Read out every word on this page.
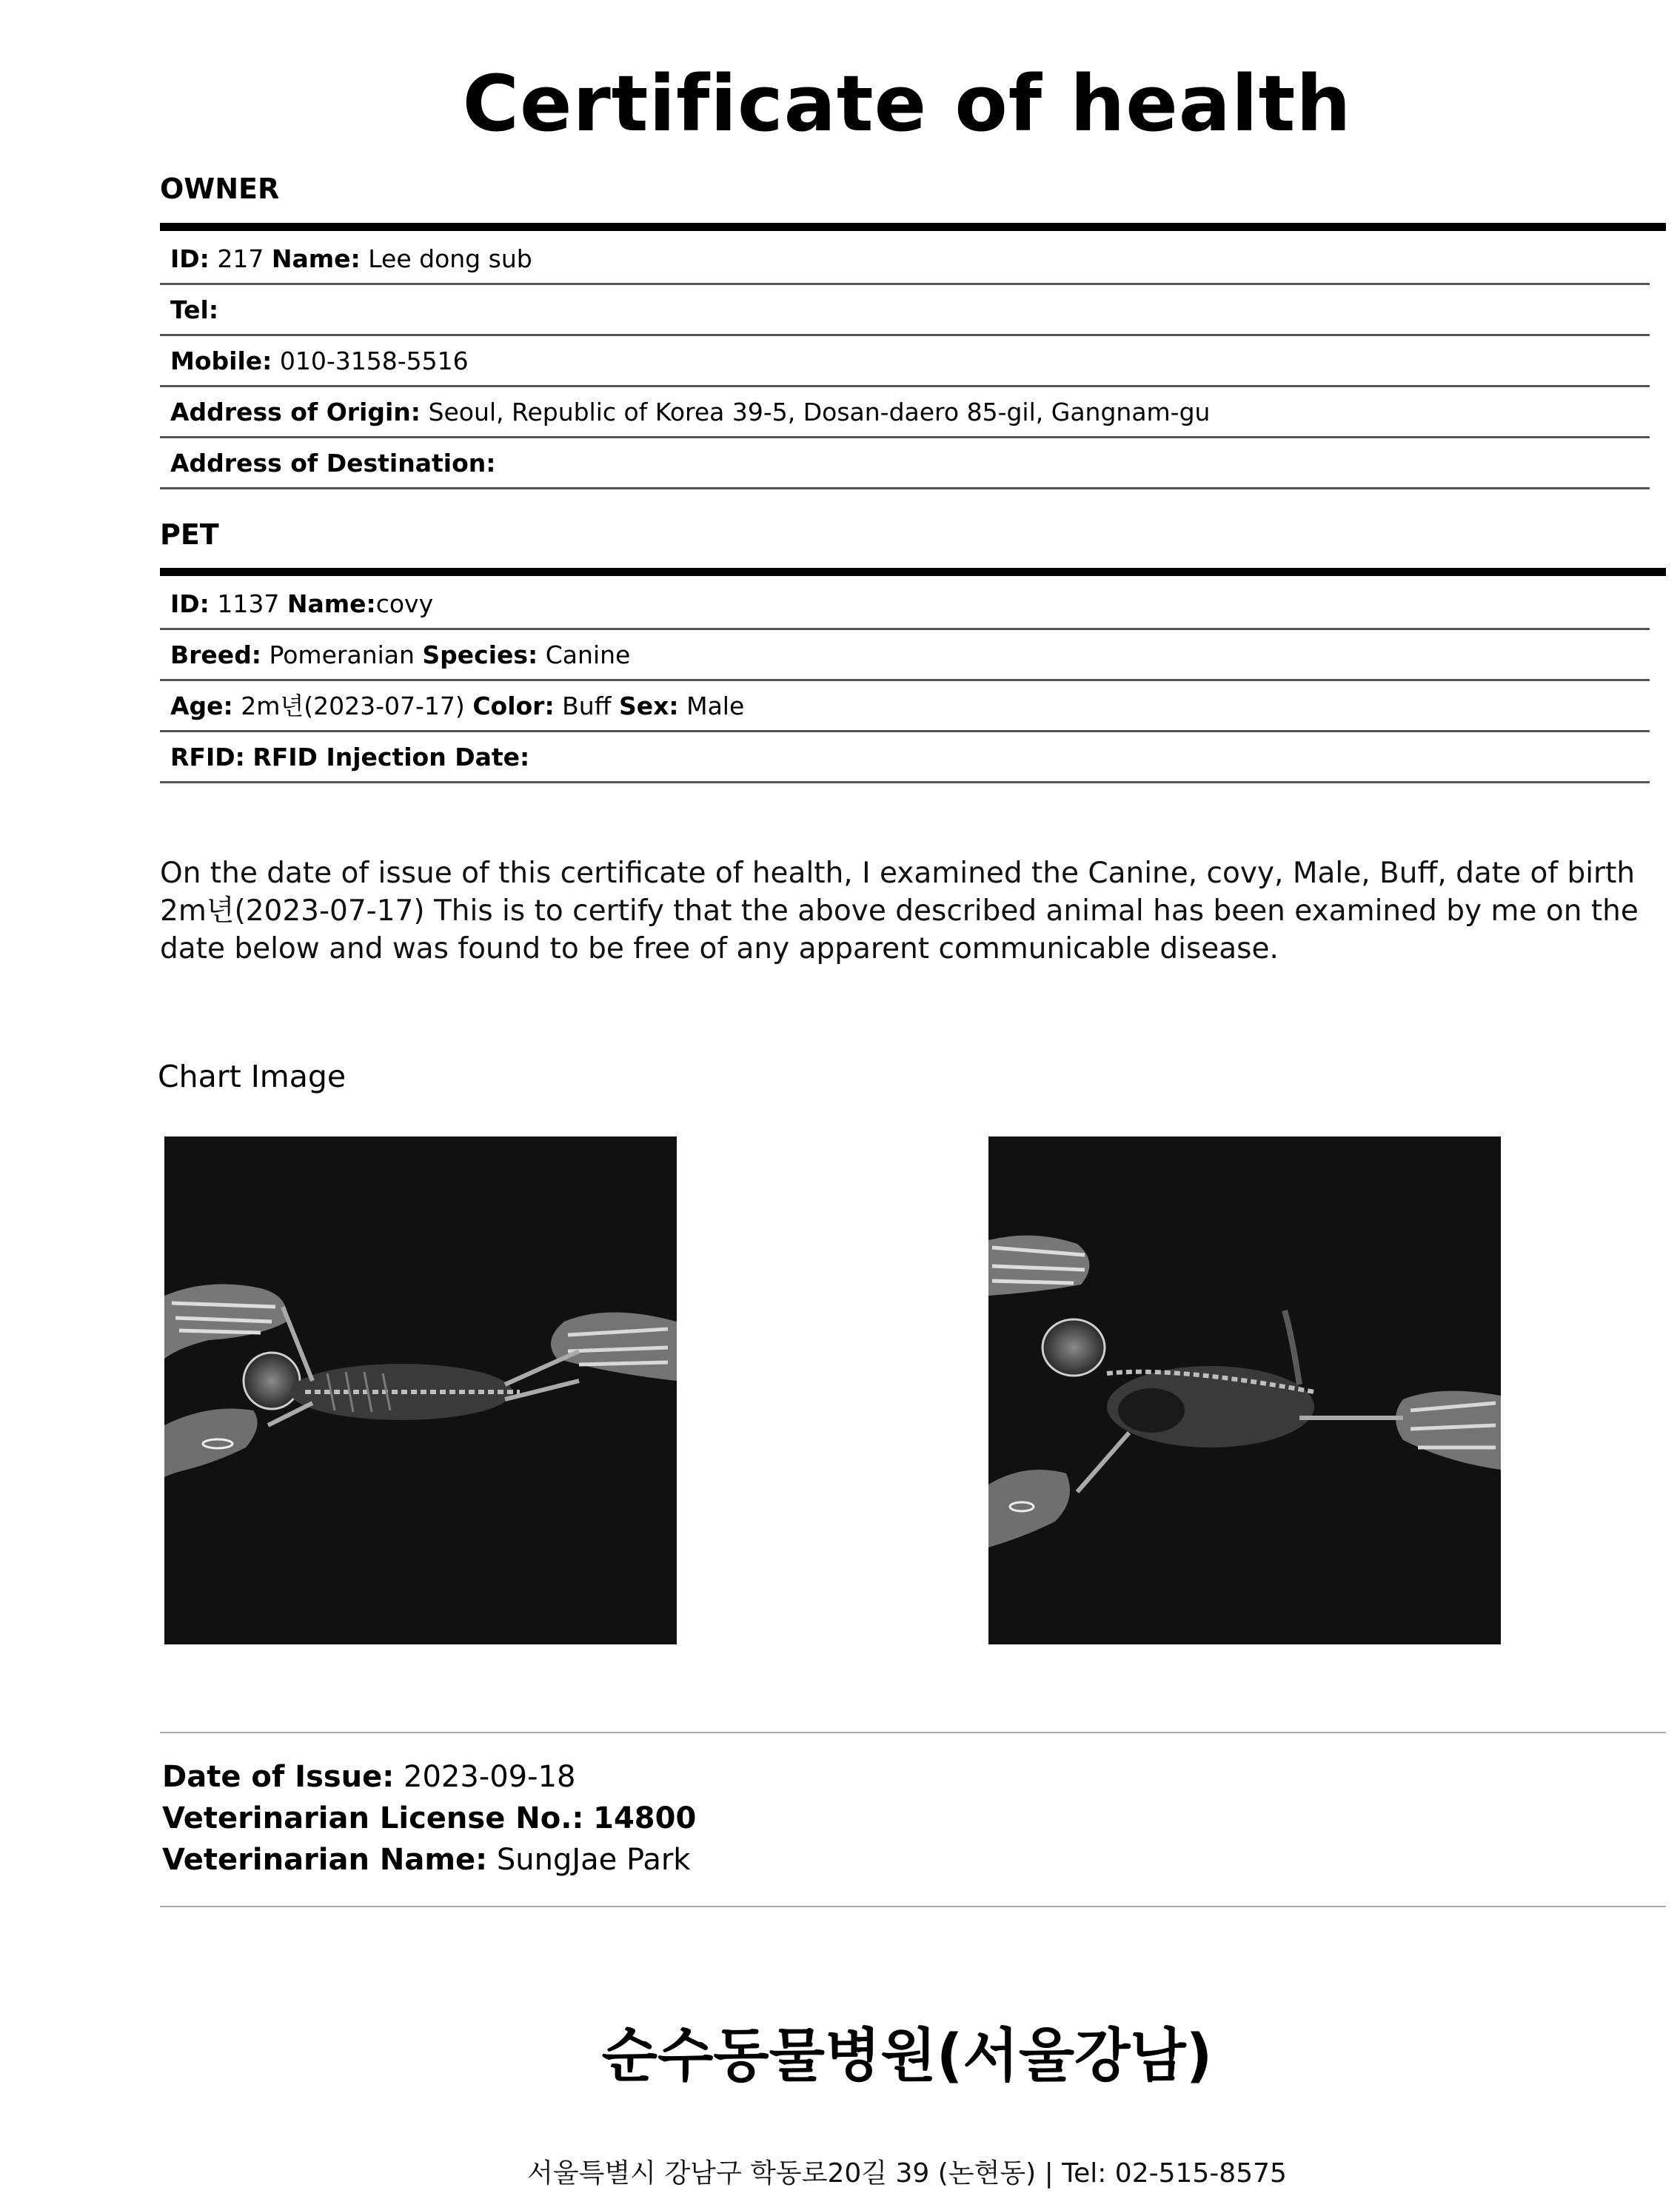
Certificate of health
OWNER
ID: 217 Name: Lee dong sub
Tel:
Mobile: 010-3158-5516
Address of Origin: Seoul, Republic of Korea 39-5, Dosan-daero 85-gil, Gangnam-gu
Address of Destination:
PET
ID: 1137 Name:covy
Breed: Pomeranian Species: Canine
Age: 2m년(2023-07-17) Color: Buff Sex: Male
RFID: RFID Injection Date:
On the date of issue of this certificate of health, I examined the Canine, covy, Male, Buff, date of birth 2m년(2023-07-17) This is to certify that the above described animal has been examined by me on the date below and was found to be free of any apparent communicable disease.
Chart Image
Date of Issue: 2023-09-18
Veterinarian License No.: 14800
Veterinarian Name: SungJae Park
순수동물병원(서울강남)
서울특별시 강남구 학동로20길 39 (논현동) | Tel: 02-515-8575
